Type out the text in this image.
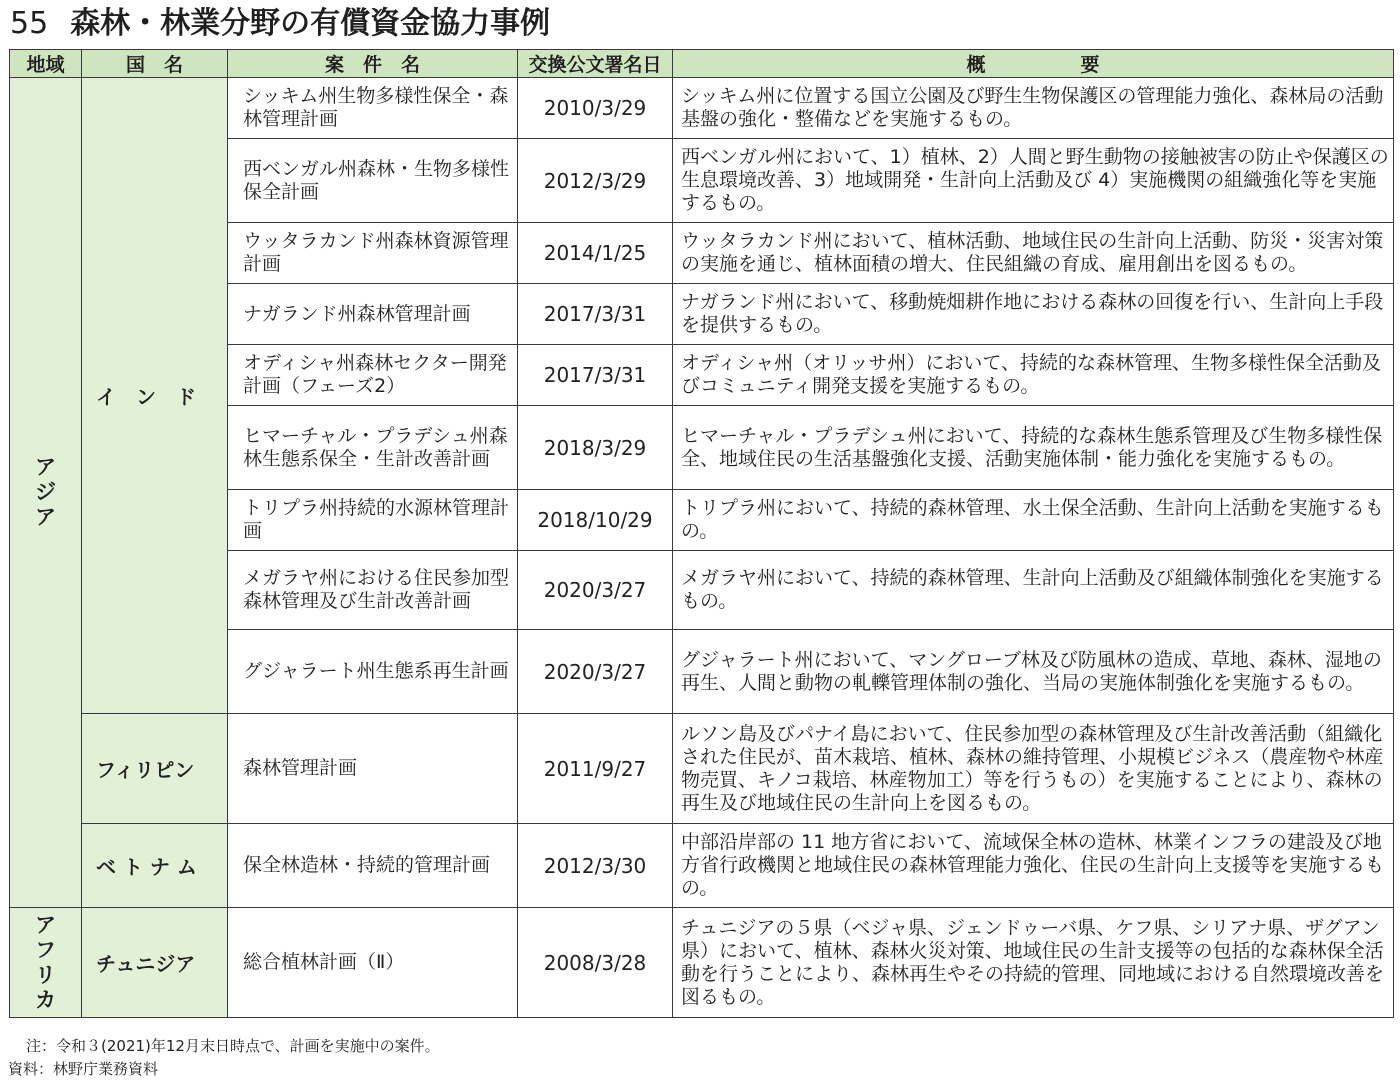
55 森林・林業分野の有償資金協力事例
地域	国　名	案　件　名	交換公文署名日	概　　　　　要
アジア	イ　ン　ド	シッキム州生物多様性保全・森林管理計画	2010/3/29	シッキム州に位置する国立公園及び野生生物保護区の管理能力強化、森林局の活動基盤の強化・整備などを実施するもの。
		西ベンガル州森林・生物多様性保全計画	2012/3/29	西ベンガル州において、1）植林、2）人間と野生動物の接触被害の防止や保護区の生息環境改善、3）地域開発・生計向上活動及び 4）実施機関の組織強化等を実施するもの。
		ウッタラカンド州森林資源管理計画	2014/1/25	ウッタラカンド州において、植林活動、地域住民の生計向上活動、防災・災害対策の実施を通じ、植林面積の増大、住民組織の育成、雇用創出を図るもの。
		ナガランド州森林管理計画	2017/3/31	ナガランド州において、移動焼畑耕作地における森林の回復を行い、生計向上手段を提供するもの。
		オディシャ州森林セクター開発計画（フェーズ2）	2017/3/31	オディシャ州（オリッサ州）において、持続的な森林管理、生物多様性保全活動及びコミュニティ開発支援を実施するもの。
		ヒマーチャル・プラデシュ州森林生態系保全・生計改善計画	2018/3/29	ヒマーチャル・プラデシュ州において、持続的な森林生態系管理及び生物多様性保全、地域住民の生活基盤強化支援、活動実施体制・能力強化を実施するもの。
		トリプラ州持続的水源林管理計画	2018/10/29	トリプラ州において、持続的森林管理、水土保全活動、生計向上活動を実施するもの。
		メガラヤ州における住民参加型森林管理及び生計改善計画	2020/3/27	メガラヤ州において、持続的森林管理、生計向上活動及び組織体制強化を実施するもの。
		グジャラート州生態系再生計画	2020/3/27	グジャラート州において、マングローブ林及び防風林の造成、草地、森林、湿地の再生、人間と動物の軋轢管理体制の強化、当局の実施体制強化を実施するもの。
	フィリピン	森林管理計画	2011/9/27	ルソン島及びパナイ島において、住民参加型の森林管理及び生計改善活動（組織化された住民が、苗木栽培、植林、森林の維持管理、小規模ビジネス（農産物や林産物売買、キノコ栽培、林産物加工）等を行うもの）を実施することにより、森林の再生及び地域住民の生計向上を図るもの。
	ベ ト ナ ム	保全林造林・持続的管理計画	2012/3/30	中部沿岸部の 11 地方省において、流域保全林の造林、林業インフラの建設及び地方省行政機関と地域住民の森林管理能力強化、住民の生計向上支援等を実施するもの。
アフリカ	チュニジア	総合植林計画（Ⅱ）	2008/3/28	チュニジアの５県（ベジャ県、ジェンドゥーバ県、ケフ県、シリアナ県、ザグアン県）において、植林、森林火災対策、地域住民の生計支援等の包括的な森林保全活動を行うことにより、森林再生やその持続的管理、同地域における自然環境改善を図るもの。
注：令和３(2021)年12月末日時点で、計画を実施中の案件。
資料：林野庁業務資料
